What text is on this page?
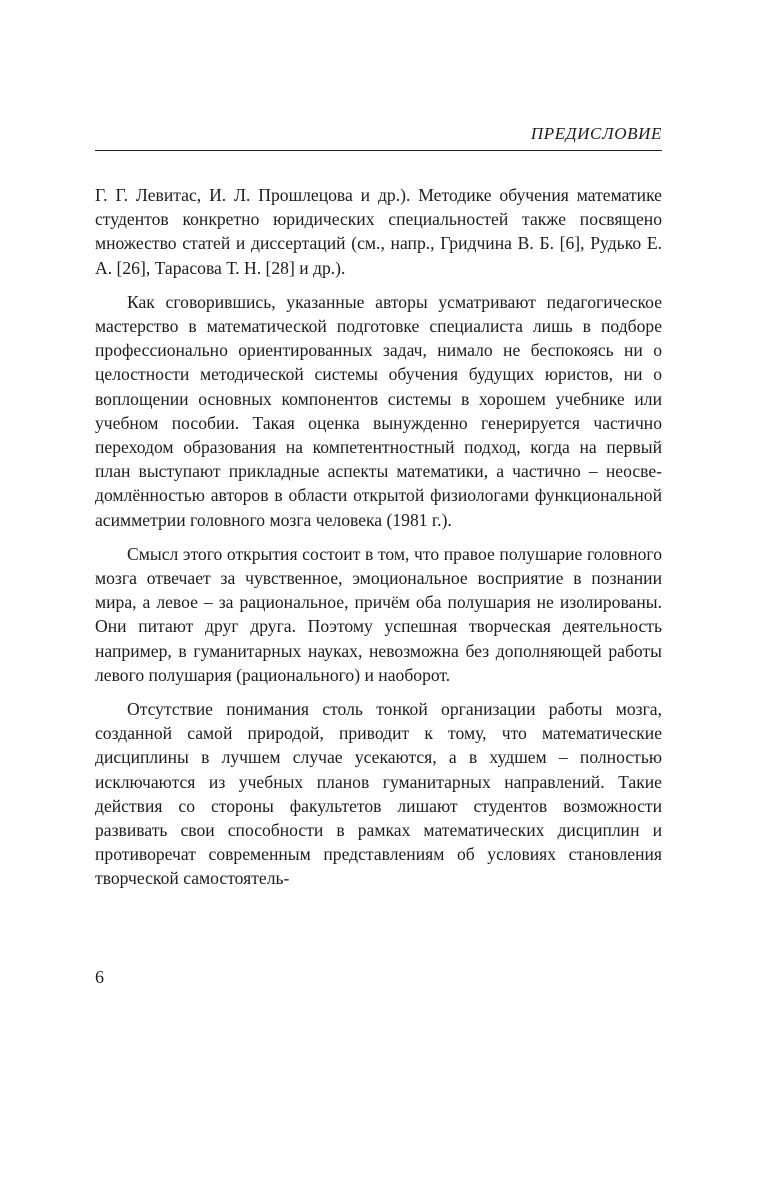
ПРЕДИСЛОВИЕ

Г. Г. Левитас, И. Л. Прошлецова и др.). Методике обучения математике студентов конкретно юридических специальностей также посвящено множество статей и диссертаций (см., напр., Гридчина В. Б. [6], Рудько Е. А. [26], Тарасова Т. Н. [28] и др.).

Как сговорившись, указанные авторы усматривают педагогическое мастерство в математической подготовке специалиста лишь в подборе профессионально ориентированных задач, нимало не беспокоясь ни о целостности методической системы обучения будущих юристов, ни о воплощении основных компонентов системы в хорошем учебнике или учебном пособии. Такая оценка вынужденно генерируется частично переходом образования на компетентностный подход, когда на первый план выступают прикладные аспекты математики, а частично – неосведомлённостью авторов в области открытой физиологами функциональной асимметрии головного мозга человека (1981 г.).

Смысл этого открытия состоит в том, что правое полушарие головного мозга отвечает за чувственное, эмоциональное восприятие в познании мира, а левое – за рациональное, причём оба полушария не изолированы. Они питают друг друга. Поэтому успешная творческая деятельность например, в гуманитарных науках, невозможна без дополняющей работы левого полушария (рационального) и наоборот.

Отсутствие понимания столь тонкой организации работы мозга, созданной самой природой, приводит к тому, что математические дисциплины в лучшем случае усекаются, а в худшем – полностью исключаются из учебных планов гуманитарных направлений. Такие действия со стороны факультетов лишают студентов возможности развивать свои способности в рамках математических дисциплин и противоречат современным представлениям об условиях становления творческой самостоятель-

6
